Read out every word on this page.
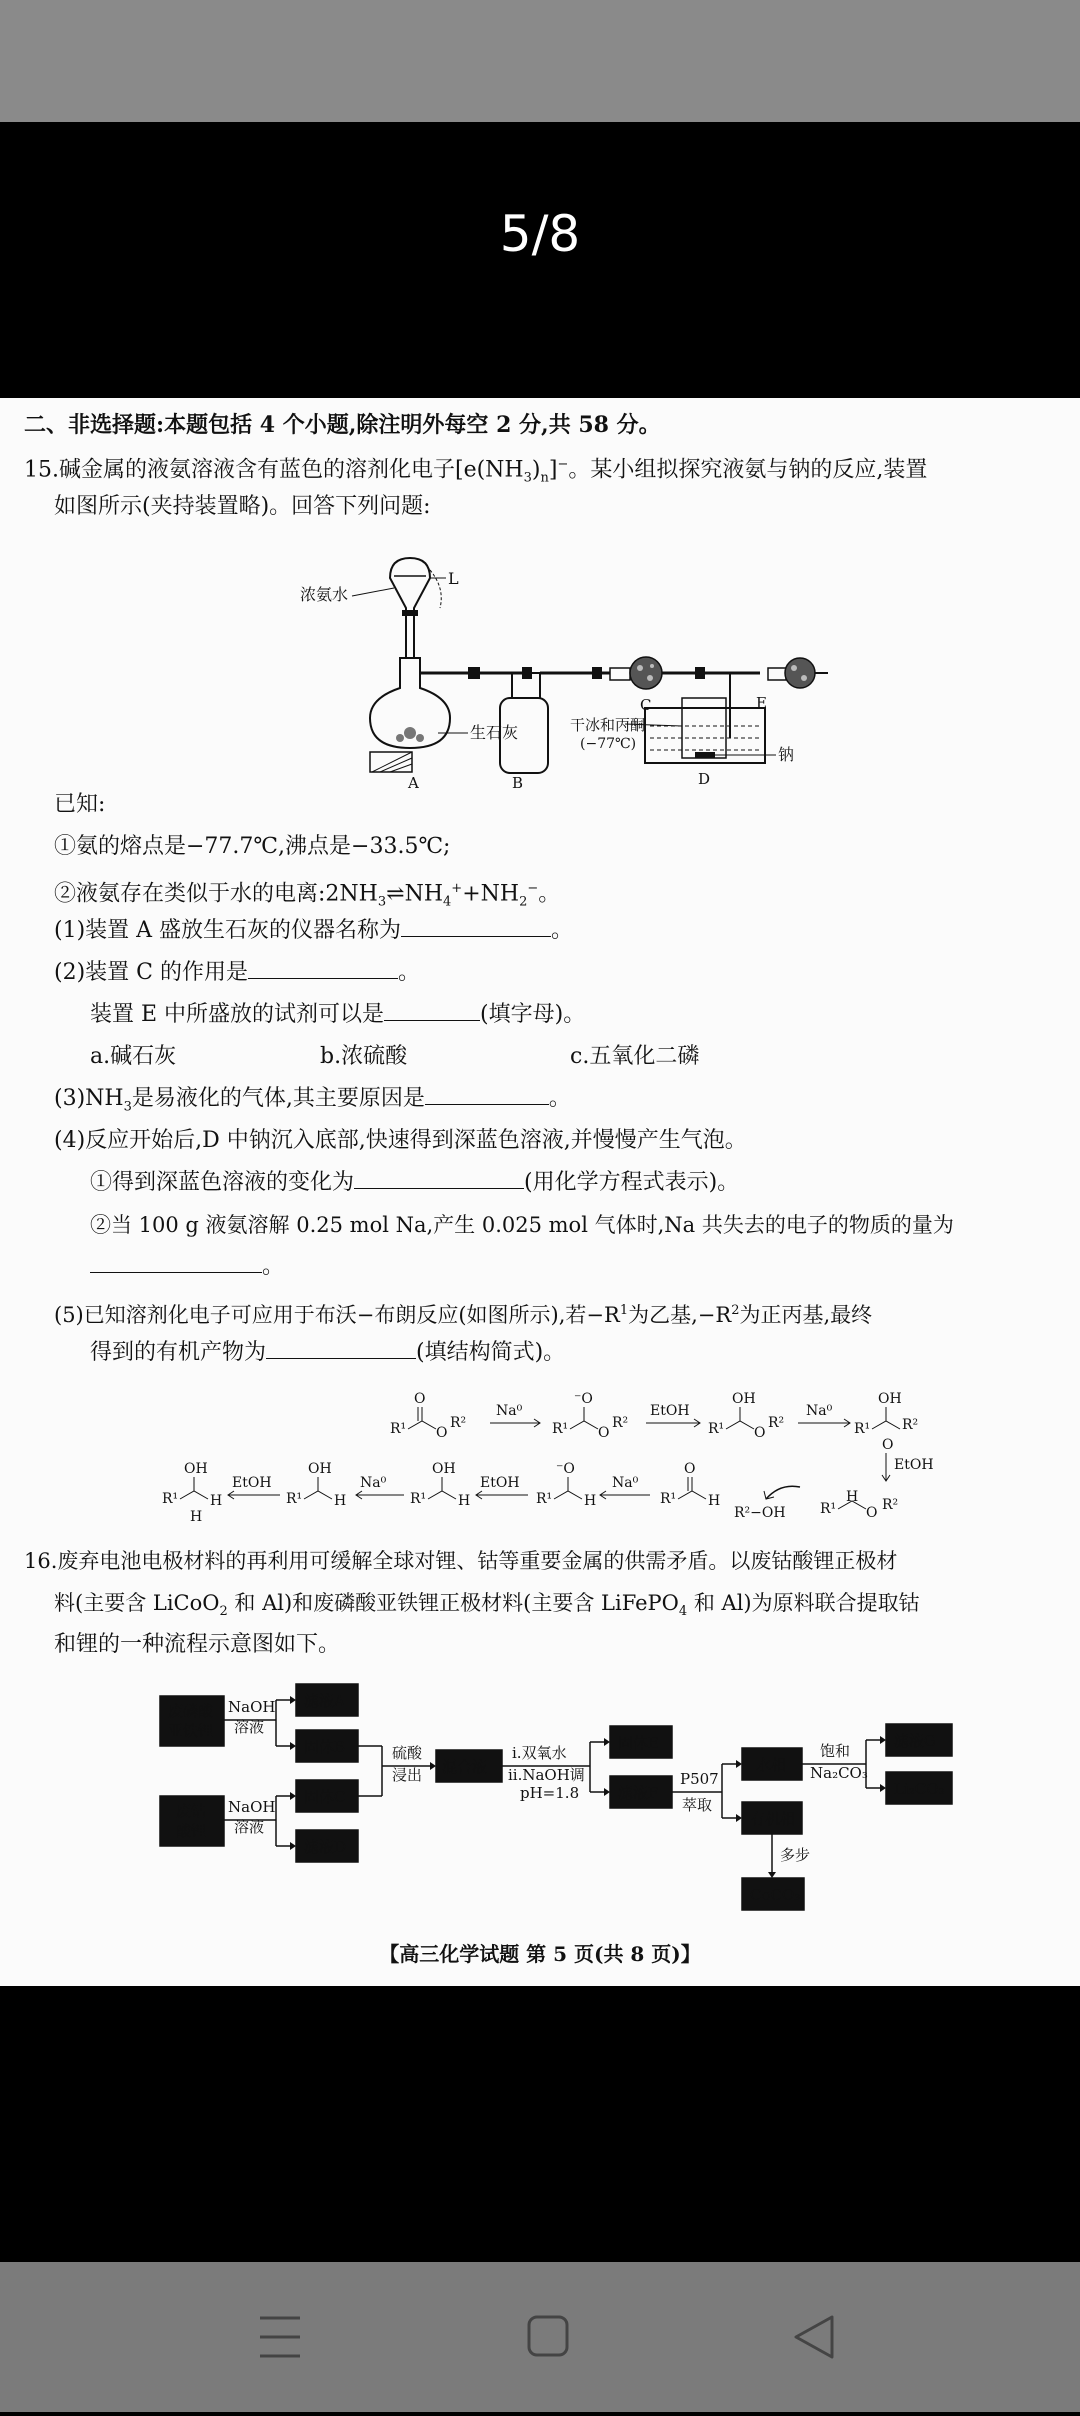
5/8
二、非选择题:本题包括 4 个小题,除注明外每空 2 分,共 58 分。
15.碱金属的液氨溶液含有蓝色的溶剂化电子$[e(NH_3)_n]^-$。某小组拟探究液氨与钠的反应,装置
如图所示(夹持装置略)。回答下列问题:
浓氨水
L
A
生石灰
B
C
D
干冰和丙酮
(−77℃)
钠
E
已知:
①氨的熔点是−77.7℃,沸点是−33.5℃;
②液氨存在类似于水的电离$:2NH_3\rightleftharpoons NH_4^++NH_2^-$。
(1)装置 A 盛放生石灰的仪器名称为	。
(2)装置 C 的作用是	。
装置 E 中所盛放的试剂可以是	(填字母)。
a.碱石灰	b.浓硫酸	c.五氧化二磷
$(3)NH_3$是易液化的气体,其主要原因是	。
(4)反应开始后,D 中钠沉入底部,快速得到深蓝色溶液,并慢慢产生气泡。
①得到深蓝色溶液的变化为	(用化学方程式表示)。
②当 100 g 液氨溶解 0.25 mol Na,产生 0.025 mol 气体时,Na 共失去的电子的物质的量为
。
(5)已知溶剂化电子可应用于布沃−布朗反应(如图所示),若$-R^1$为乙基$,-R^2$为正丙基,最终
得到的有机产物为	(填结构简式)。
R¹
O
O
R²
Na⁰
R¹
⁻O
O
R²
EtOH
R¹
OH
O
R²
Na⁰
R¹
OH
R²
O
EtOH
H
R¹ O R²
R²−OH
R¹
O
H
Na⁰
R¹
⁻O
H
EtOH
R¹
OH
H
Na⁰
R¹
OH
H
EtOH
R¹
OH
H
H
16.废弃电池电极材料的再利用可缓解全球对锂、钴等重要金属的供需矛盾。以废钴酸锂正极材
料(主要含 LiCoO$_2$ 和 Al)和废磷酸亚铁锂正极材料(主要含 LiFePO$_4$ 和 Al)为原料联合提取钴
和锂的一种流程示意图如下。
废磷酸
亚铁锂
NaOH
溶液
滤液A
固体B
固体C
废钴
酸锂
NaOH
溶液
滤液D
硫酸
浸出 混合液
i.双氧水
ii.NaOH调
pH=1.8
固体E
滤液F
P507
萃取
水相
有机相
饱和
Na₂CO₃
多步
滤液G
Li₂CO₃
CoCO₃
【高三化学试题 第 5 页(共 8 页)】
